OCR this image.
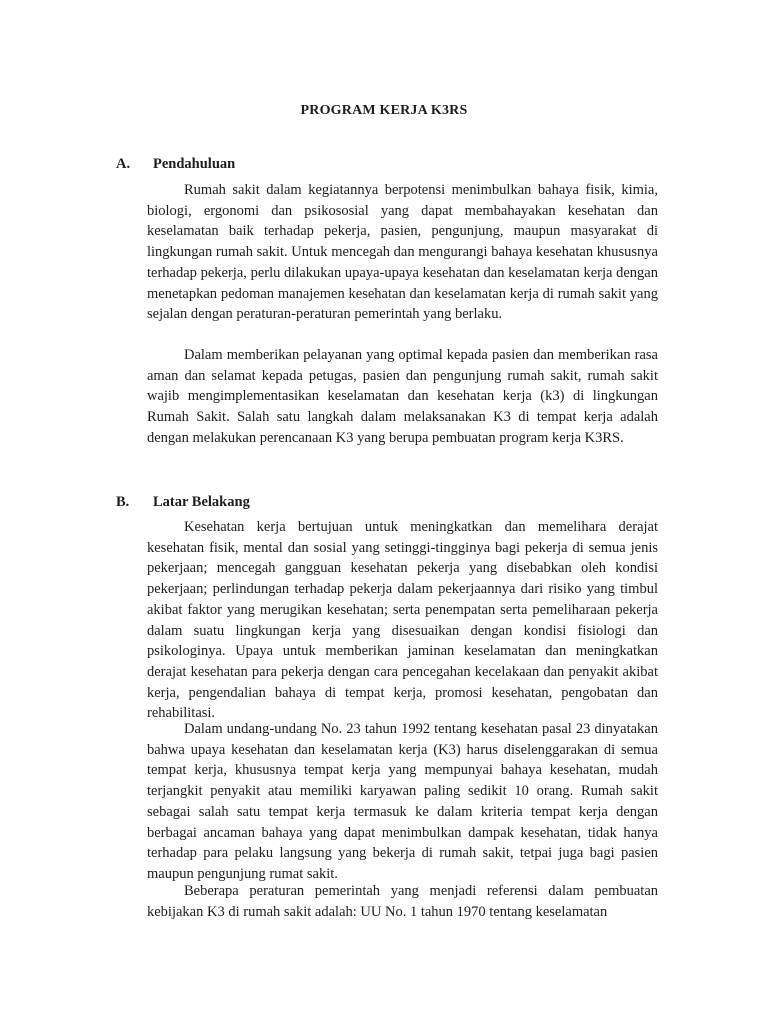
PROGRAM KERJA K3RS
A. Pendahuluan

Rumah sakit dalam kegiatannya berpotensi menimbulkan bahaya fisik, kimia, biologi, ergonomi dan psikososial yang dapat membahayakan kesehatan dan keselamatan baik terhadap pekerja, pasien, pengunjung, maupun masyarakat di lingkungan rumah sakit. Untuk mencegah dan mengurangi bahaya kesehatan khususnya terhadap pekerja, perlu dilakukan upaya-upaya kesehatan dan keselamatan kerja dengan menetapkan pedoman manajemen kesehatan dan keselamatan kerja di rumah sakit yang sejalan dengan peraturan-peraturan pemerintah yang berlaku.

Dalam memberikan pelayanan yang optimal kepada pasien dan memberikan rasa aman dan selamat kepada petugas, pasien dan pengunjung rumah sakit, rumah sakit wajib mengimplementasikan keselamatan dan kesehatan kerja (k3) di lingkungan Rumah Sakit. Salah satu langkah dalam melaksanakan K3 di tempat kerja adalah dengan melakukan perencanaan K3 yang berupa pembuatan program kerja K3RS.

B. Latar Belakang

Kesehatan kerja bertujuan untuk meningkatkan dan memelihara derajat kesehatan fisik, mental dan sosial yang setinggi-tingginya bagi pekerja di semua jenis pekerjaan; mencegah gangguan kesehatan pekerja yang disebabkan oleh kondisi pekerjaan; perlindungan terhadap pekerja dalam pekerjaannya dari risiko yang timbul akibat faktor yang merugikan kesehatan; serta penempatan serta pemeliharaan pekerja dalam suatu lingkungan kerja yang disesuaikan dengan kondisi fisiologi dan psikologinya. Upaya untuk memberikan jaminan keselamatan dan meningkatkan derajat kesehatan para pekerja dengan cara pencegahan kecelakaan dan penyakit akibat kerja, pengendalian bahaya di tempat kerja, promosi kesehatan, pengobatan dan rehabilitasi.

Dalam undang-undang No. 23 tahun 1992 tentang kesehatan pasal 23 dinyatakan bahwa upaya kesehatan dan keselamatan kerja (K3) harus diselenggarakan di semua tempat kerja, khususnya tempat kerja yang mempunyai bahaya kesehatan, mudah terjangkit penyakit atau memiliki karyawan paling sedikit 10 orang. Rumah sakit sebagai salah satu tempat kerja termasuk ke dalam kriteria tempat kerja dengan berbagai ancaman bahaya yang dapat menimbulkan dampak kesehatan, tidak hanya terhadap para pelaku langsung yang bekerja di rumah sakit, tetpai juga bagi pasien maupun pengunjung rumat sakit.

Beberapa peraturan pemerintah yang menjadi referensi dalam pembuatan kebijakan K3 di rumah sakit adalah: UU No. 1 tahun 1970 tentang keselamatan
